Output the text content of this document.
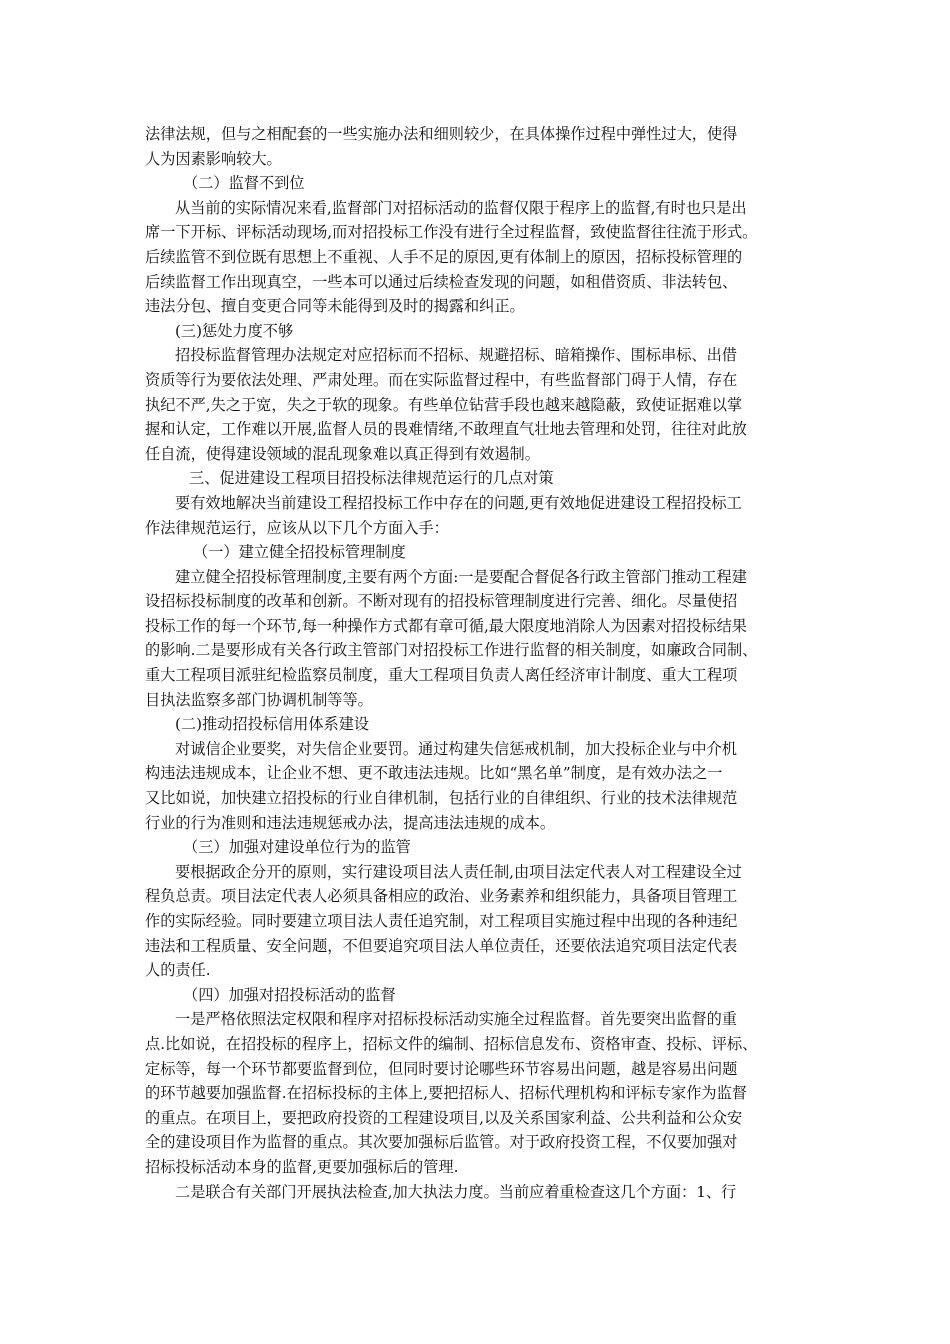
法律法规，但与之相配套的一些实施办法和细则较少，在具体操作过程中弹性过大，使得
人为因素影响较大。
（二）监督不到位
从当前的实际情况来看,监督部门对招标活动的监督仅限于程序上的监督,有时也只是出
席一下开标、评标活动现场,而对招投标工作没有进行全过程监督，致使监督往往流于形式。
后续监管不到位既有思想上不重视、人手不足的原因,更有体制上的原因，招标投标管理的
后续监督工作出现真空，一些本可以通过后续检查发现的问题，如租借资质、非法转包、
违法分包、擅自变更合同等未能得到及时的揭露和纠正。
(三)惩处力度不够
招投标监督管理办法规定对应招标而不招标、规避招标、暗箱操作、围标串标、出借
资质等行为要依法处理、严肃处理。而在实际监督过程中，有些监督部门碍于人情，存在
执纪不严,失之于宽，失之于软的现象。有些单位钻营手段也越来越隐蔽，致使证据难以掌
握和认定，工作难以开展,监督人员的畏难情绪,不敢理直气壮地去管理和处罚，往往对此放
任自流，使得建设领域的混乱现象难以真正得到有效遏制。
三、促进建设工程项目招投标法律规范运行的几点对策
要有效地解决当前建设工程招投标工作中存在的问题,更有效地促进建设工程招投标工
作法律规范运行，应该从以下几个方面入手：
（一）建立健全招投标管理制度
建立健全招投标管理制度,主要有两个方面:一是要配合督促各行政主管部门推动工程建
设招标投标制度的改革和创新。不断对现有的招投标管理制度进行完善、细化。尽量使招
投标工作的每一个环节,每一种操作方式都有章可循,最大限度地消除人为因素对招投标结果
的影响.二是要形成有关各行政主管部门对招投标工作进行监督的相关制度，如廉政合同制、
重大工程项目派驻纪检监察员制度，重大工程项目负责人离任经济审计制度、重大工程项
目执法监察多部门协调机制等等。
(二)推动招投标信用体系建设
对诚信企业要奖，对失信企业要罚。通过构建失信惩戒机制，加大投标企业与中介机
构违法违规成本，让企业不想、更不敢违法违规。比如“黑名单”制度，是有效办法之一
又比如说，加快建立招投标的行业自律机制，包括行业的自律组织、行业的技术法律规范
行业的行为准则和违法违规惩戒办法，提高违法违规的成本。
（三）加强对建设单位行为的监管
要根据政企分开的原则，实行建设项目法人责任制,由项目法定代表人对工程建设全过
程负总责。项目法定代表人必须具备相应的政治、业务素养和组织能力，具备项目管理工
作的实际经验。同时要建立项目法人责任追究制，对工程项目实施过程中出现的各种违纪
违法和工程质量、安全问题，不但要追究项目法人单位责任，还要依法追究项目法定代表
人的责任.
（四）加强对招投标活动的监督
一是严格依照法定权限和程序对招标投标活动实施全过程监督。首先要突出监督的重
点.比如说，在招投标的程序上，招标文件的编制、招标信息发布、资格审查、投标、评标、
定标等，每一个环节都要监督到位，但同时要讨论哪些环节容易出问题，越是容易出问题
的环节越要加强监督.在招标投标的主体上,要把招标人、招标代理机构和评标专家作为监督
的重点。在项目上，要把政府投资的工程建设项目,以及关系国家利益、公共利益和公众安
全的建设项目作为监督的重点。其次要加强标后监管。对于政府投资工程，不仅要加强对
招标投标活动本身的监督,更要加强标后的管理.
二是联合有关部门开展执法检查,加大执法力度。当前应着重检查这几个方面：1、行
